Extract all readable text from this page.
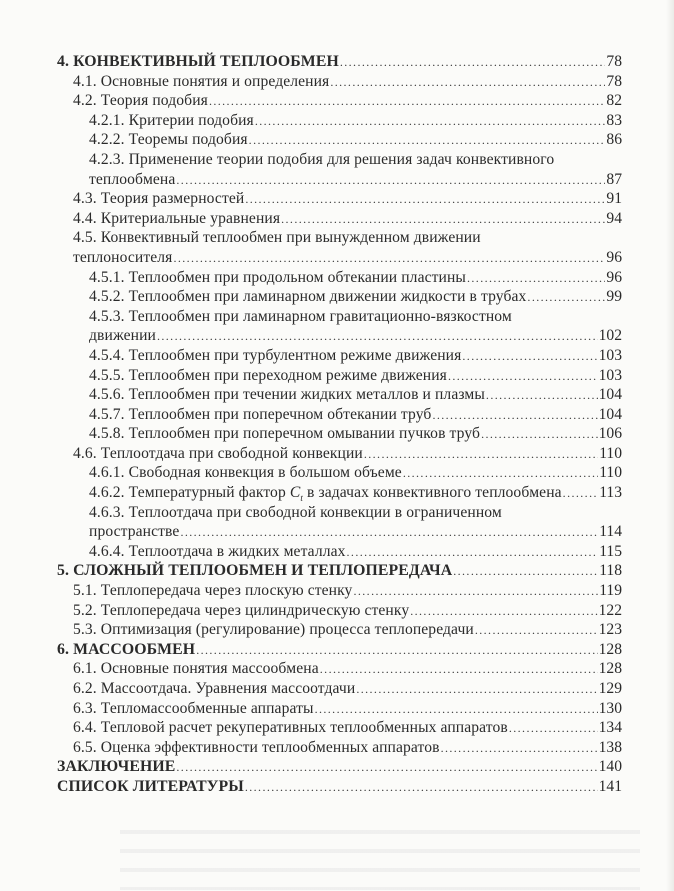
4. КОНВЕКТИВНЫЙ ТЕПЛООБМЕН .....	78
4.1. Основные понятия и определения .....	78
4.2. Теория подобия .....	82
4.2.1. Критерии подобия .....	83
4.2.2. Теоремы подобия .....	86
4.2.3. Применение теории подобия для решения задач конвективного
теплообмена .....	87
4.3. Теория размерностей .....	91
4.4. Критериальные уравнения .....	94
4.5. Конвективный теплообмен при вынужденном движении
теплоносителя .....	96
4.5.1. Теплообмен при продольном обтекании пластины .....	96
4.5.2. Теплообмен при ламинарном движении жидкости в трубах .....	99
4.5.3. Теплообмен при ламинарном гравитационно-вязкостном
движении .....	102
4.5.4. Теплообмен при турбулентном режиме движения .....	103
4.5.5. Теплообмен при переходном режиме движения .....	103
4.5.6. Теплообмен при течении жидких металлов и плазмы .....	104
4.5.7. Теплообмен при поперечном обтекании труб .....	104
4.5.8. Теплообмен при поперечном омывании пучков труб .....	106
4.6. Теплоотдача при свободной конвекции .....	110
4.6.1. Свободная конвекция в большом объеме .....	110
4.6.2. Температурный фактор $C_t$ в задачах конвективного теплообмена ..... 113
4.6.3. Теплоотдача при свободной конвекции в ограниченном
пространстве .....	114
4.6.4. Теплоотдача в жидких металлах .....	115
5. СЛОЖНЫЙ ТЕПЛООБМЕН И ТЕПЛОПЕРЕДАЧА .....	118
5.1. Теплопередача через плоскую стенку .....	119
5.2. Теплопередача через цилиндрическую стенку .....	122
5.3. Оптимизация (регулирование) процесса теплопередачи .....	123
6. МАССООБМЕН .....	128
6.1. Основные понятия массообмена .....	128
6.2. Массоотдача. Уравнения массоотдачи .....	129
6.3. Тепломассообменные аппараты .....	130
6.4. Тепловой расчет рекуперативных теплообменных аппаратов .....	134
6.5. Оценка эффективности теплообменных аппаратов .....	138
ЗАКЛЮЧЕНИЕ .....	140
СПИСОК ЛИТЕРАТУРЫ .....	141
